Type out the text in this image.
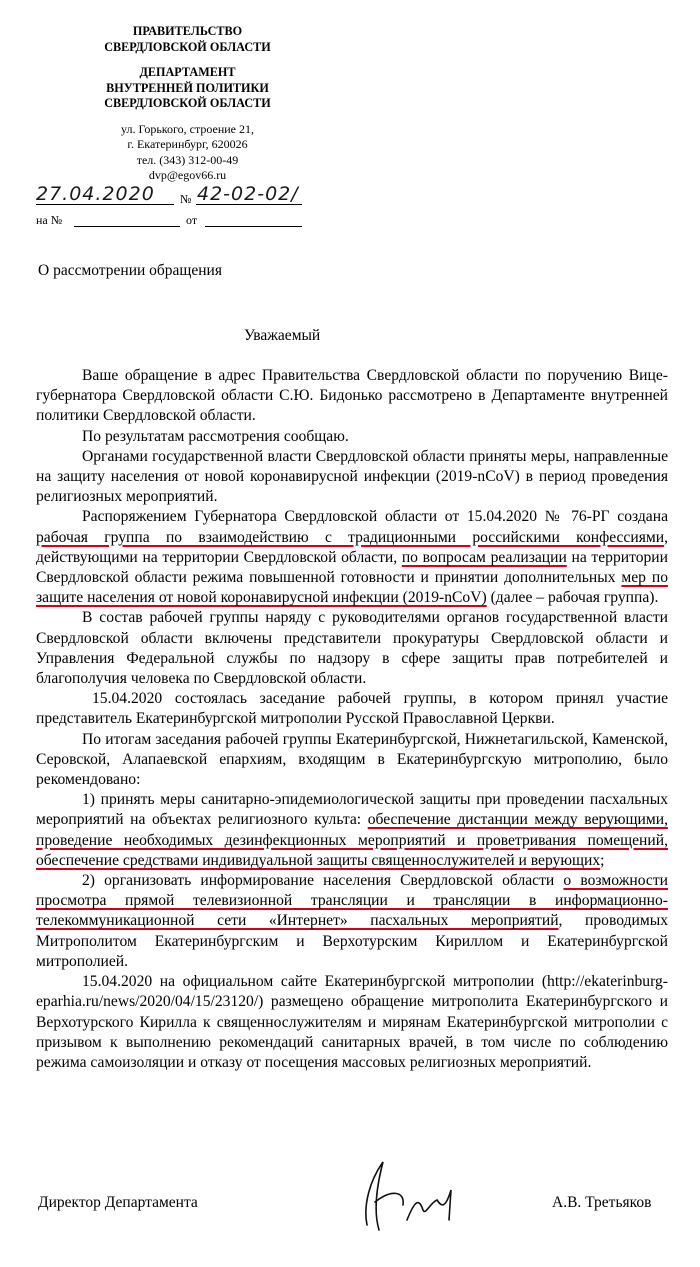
ПРАВИТЕЛЬСТВО
СВЕРДЛОВСКОЙ ОБЛАСТИ
ДЕПАРТАМЕНТ
ВНУТРЕННЕЙ ПОЛИТИКИ
СВЕРДЛОВСКОЙ ОБЛАСТИ
ул. Горького, строение 21,
г. Екатеринбург, 620026
тел. (343) 312-00-49
dvp@egov66.ru
27.04.2020 № 42-02-02/
на №	от
О рассмотрении обращения
Уважаемый

Ваше обращение в адрес Правительства Свердловской области по поручению Вице-губернатора Свердловской области С.Ю. Бидонько рассмотрено в Департаменте внутренней политики Свердловской области.

По результатам рассмотрения сообщаю.

Органами государственной власти Свердловской области приняты меры, направленные на защиту населения от новой коронавирусной инфекции (2019-nCoV) в период проведения религиозных мероприятий.

Распоряжением Губернатора Свердловской области от 15.04.2020 № 76-РГ создана рабочая группа по взаимодействию с традиционными российскими конфессиями, действующими на территории Свердловской области, по вопросам реализации на территории Свердловской области режима повышенной готовности и принятии дополнительных мер по защите населения от новой коронавирусной инфекции (2019-nCoV) (далее – рабочая группа).

В состав рабочей группы наряду с руководителями органов государственной власти Свердловской области включены представители прокуратуры Свердловской области и Управления Федеральной службы по надзору в сфере защиты прав потребителей и благополучия человека по Свердловской области.

15.04.2020 состоялась заседание рабочей группы, в котором принял участие представитель Екатеринбургской митрополии Русской Православной Церкви.

По итогам заседания рабочей группы Екатеринбургской, Нижнетагильской, Каменской, Серовской, Алапаевской епархиям, входящим в Екатеринбургскую митрополию, было рекомендовано:

1) принять меры санитарно-эпидемиологической защиты при проведении пасхальных мероприятий на объектах религиозного культа: обеспечение дистанции между верующими, проведение необходимых дезинфекционных мероприятий и проветривания помещений, обеспечение средствами индивидуальной защиты священнослужителей и верующих;

2) организовать информирование населения Свердловской области о возможности просмотра прямой телевизионной трансляции и трансляции в информационно-телекоммуникационной сети «Интернет» пасхальных мероприятий, проводимых Митрополитом Екатеринбургским и Верхотурским Кириллом и Екатеринбургской митрополией.

15.04.2020 на официальном сайте Екатеринбургской митрополии (http://ekaterinburg-eparhia.ru/news/2020/04/15/23120/) размещено обращение митрополита Екатеринбургского и Верхотурского Кирилла к священнослужителям и мирянам Екатеринбургской митрополии с призывом к выполнению рекомендаций санитарных врачей, в том числе по соблюдению режима самоизоляции и отказу от посещения массовых религиозных мероприятий.

Директор Департамента	А.В. Третьяков
